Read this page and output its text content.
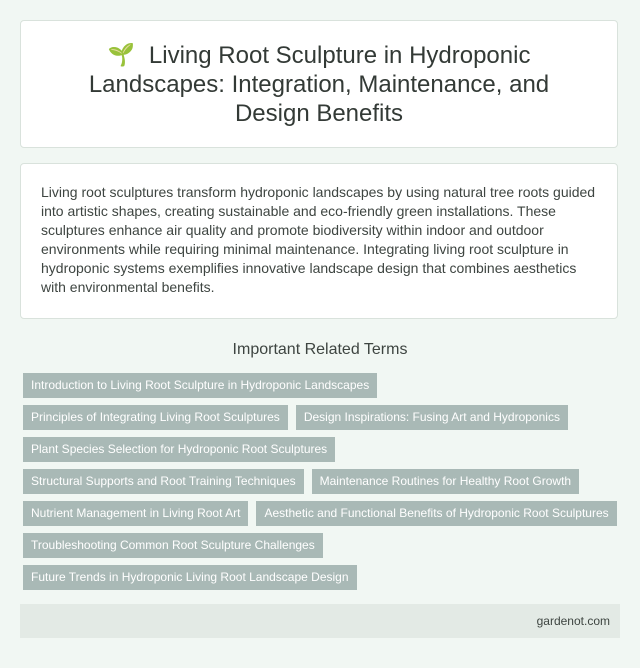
🌱 Living Root Sculpture in Hydroponic Landscapes: Integration, Maintenance, and Design Benefits

Living root sculptures transform hydroponic landscapes by using natural tree roots guided into artistic shapes, creating sustainable and eco-friendly green installations. These sculptures enhance air quality and promote biodiversity within indoor and outdoor environments while requiring minimal maintenance. Integrating living root sculpture in hydroponic systems exemplifies innovative landscape design that combines aesthetics with environmental benefits.

Important Related Terms
Introduction to Living Root Sculpture in Hydroponic Landscapes
Principles of Integrating Living Root Sculptures	Design Inspirations: Fusing Art and Hydroponics
Plant Species Selection for Hydroponic Root Sculptures
Structural Supports and Root Training Techniques	Maintenance Routines for Healthy Root Growth
Nutrient Management in Living Root Art	Aesthetic and Functional Benefits of Hydroponic Root Sculptures
Troubleshooting Common Root Sculpture Challenges
Future Trends in Hydroponic Living Root Landscape Design
gardenot.com
